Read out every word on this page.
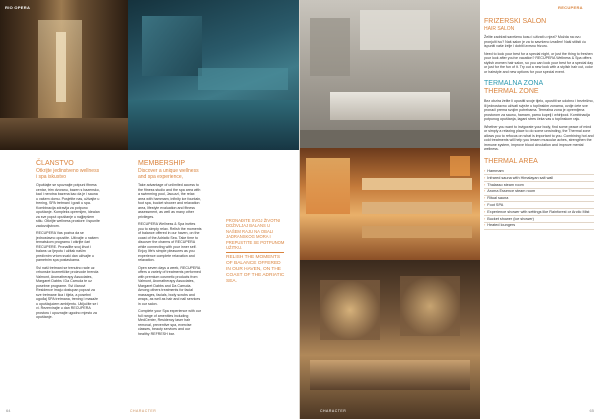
RIO OPERA
ČLANSTVO

Otkrijte jedinstveno wellness

i spa iskustvo

Opuštajte se spoznajte potpuni fitness centar, trim dvoranu, bazen s bazensko, kad i nerotna bazena kao da je i sauna u vašem domu. Posjetite nas, uživajte u trening, SPA tretmani i gosti u spa. Kombinacija zdravlja za potpuno opuštanje. Kompleks opremljen, idealan za sve poput opuštanje u najljepšem stilu. Otkrijte wellness prostore i ispunite zadovoljstvom.

RECUPERA Vas poziva da se jednostavno opustite. Uživajte u našem tematskom programu i otkrijte čari RECUPERE. Pronađite svoj život i balans uz ljepotu i užitak našim predivnim vrtom svaki dan uživajte u pametnim spa postavkama.

Svi naši tretmani se trenutno rade uz vrhunske kozmetičke proizvode brenda Valmont, Aromatherapy Associates, Margaret Dabbs i Da Carruda te uz posebne programe. Svi članovi Residence imaju dostupan popust za sve tretmane lica i tijela, a posebni ugođaj SPA tretmana, trening i masaže u opuštajućem ambijentu. Uključite se i vi. Rezervirajte u dan RECUPERA prostoru i upoznajte ugodno mjesto za opuštanje.

MEMBERSHIP

Discover a unique wellness

and spa experience,

Take advantage of unlimited access to the fitness studio and the spa area with a swimming pool, Jacuzzi, the relax area with hammam, infinity ice fountain, foot spa, bucket shower and relaxation area, lifestyle evaluation and fitness assessment, as well as many other privileges.

RECUPERA Wellness & Spa invites you to simply relax. Relish the moments of balance offered in our haven, on the coast of the Adriatic Sea. Take time to discover the charms of RECUPERA while connecting with your inner self. Enjoy life's simple pleasures as you experience complete relaxation and relaxation.

Open seven days a week, RECUPERA offers a variety of treatments performed with premium cosmetic products from Valmont, Aromatherapy Associates, Margaret Dabbs and Da Carruda. Among others treatments for facial massages, facials, body scrubs and wraps, as well as hair and nail services in our salon.

Complete your Spa experience with our full range of amenities including MedCenter, Residency laser hair removal, preventive spa, exercise classes, beauty services and our healthy REFRESH bar.

PRONAĐITE SVOJ ŽIVOTNI DOŽIVLJAJ BALANS U NAŠEM RAJU NA OBALI JADRANSKOG MORA I PREPUSTITE SE POTPUNOM UŽITKU.
RELISH THE MOMENTS OF BALANCE OFFERED IN OUR HAVEN, ON THE COAST OF THE ADRIATIC SEA.
64	CHARACTER
RECUPERA
FRIZERSKI SALON

HAIR SALON

Želite zadržati savršenu kosu i uživati u njezi? Možda na ovu pronjulti ivu? Naš salon je za to savršeno izrađen! Naši stilisti ću ispuniti vaše želje i dobiti izvrsnu frizuru.

Need to look your best for a special night, or just the thing to freshen your look after you've vacation? RECUPERA Wellness & Spa offers stylish women hair salon, so you can look your best for a special day or just for the fun of it. Try out a new look with a stylish hair cut, color or hairstyle and new options for your special event.

TERMALNA ZONA
THERMAL ZONE

Bez obzira želite li opustiti svoje tijelo, opustiti se udobno i bezbrižno, ili jednostavno uživati svježe u toplinskim zonama, ovdje ćete sve pronaći prema svojim potrebama. Termalna zona je opremljena prostorom za saunu, hamam, parnu kupelj i whirlpool. Kombinacija potpunog opuštanja, lagani stres čeka vas u toplinskom raju.

Whether you want to invigorate your body, find some peace of mind or simply a relaxing place to do some unwinding, the Thermal zone allows you to refocus on what is important to you. Combining hot and cold treatments will help you lessen muscular aches, strengthen the immune system, improve blood circulation and improve mental wellness.

THERMAL AREA
› Hammam
› Infrared sauna with Himalayan salt wall
› Thalasso steam room
› Aroma Essence steam room
› Ritual sauna
› Foot SPA
› Experience shower with settings like Rainforest or Arctic Mist
› Bucket shower (ice shower)
› Heated loungers
CHARACTER	65
